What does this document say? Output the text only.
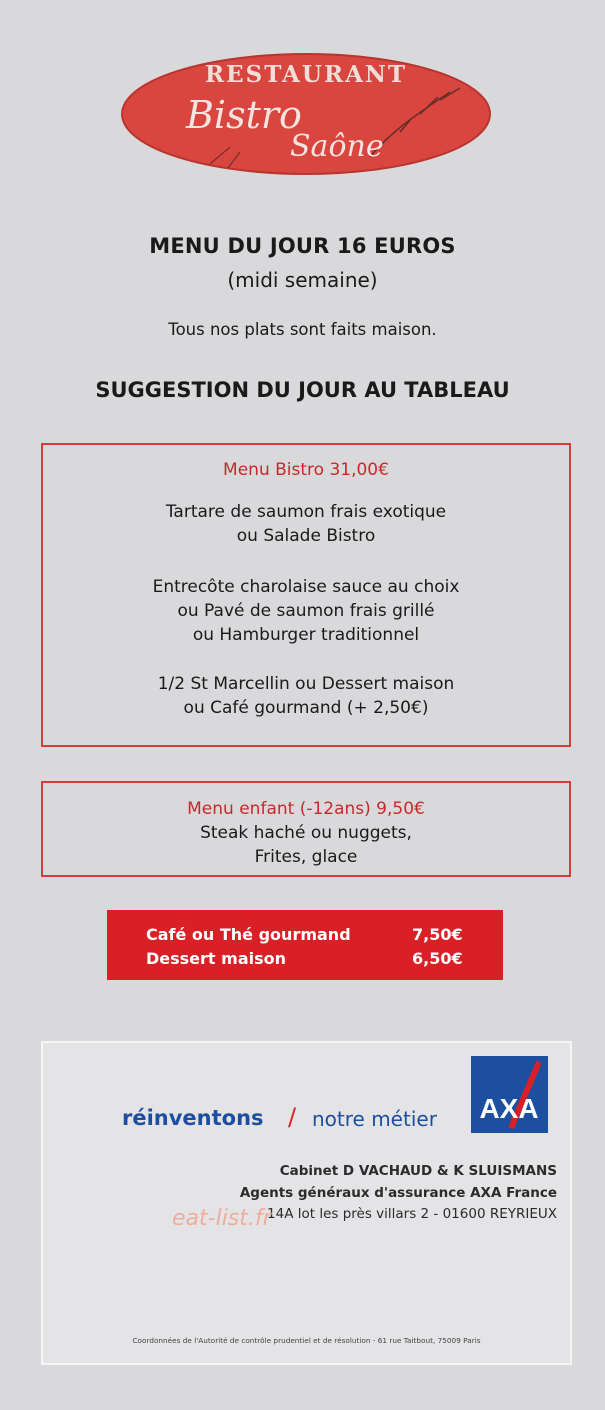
RESTAURANT
Bistro
Saône
MENU DU JOUR 16 EUROS
(midi semaine)
Tous nos plats sont faits maison.
SUGGESTION DU JOUR AU TABLEAU
Menu Bistro 31,00€
Tartare de saumon frais exotique
ou Salade Bistro
Entrecôte charolaise sauce au choix
ou Pavé de saumon frais grillé
ou Hamburger traditionnel
1/2 St Marcellin ou Dessert maison
ou Café gourmand (+ 2,50€)
Menu enfant (-12ans) 9,50€
Steak haché ou nuggets,
Frites, glace
Café ou Thé gourmand	7,50€
Dessert maison	6,50€
réinventons / notre métier AXA
Cabinet D VACHAUD & K SLUISMANS
Agents généraux d'assurance AXA France
14A lot les près villars 2 - 01600 REYRIEUX
eat-list.fr
Coordonnées de l'Autorité de contrôle prudentiel et de résolution - 61 rue Taitbout, 75009 Paris
